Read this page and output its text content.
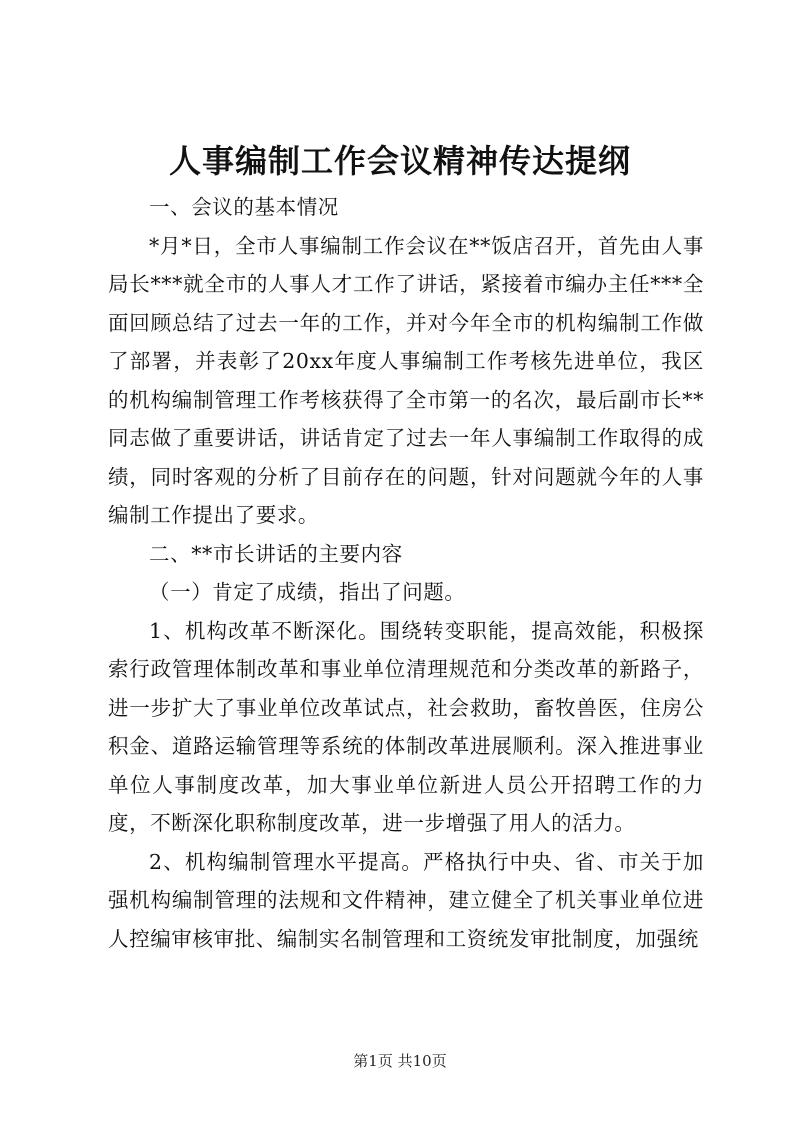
人事编制工作会议精神传达提纲

一、会议的基本情况

*月*日，全市人事编制工作会议在**饭店召开，首先由人事局长***就全市的人事人才工作了讲话，紧接着市编办主任***全面回顾总结了过去一年的工作，并对今年全市的机构编制工作做了部署，并表彰了20xx年度人事编制工作考核先进单位，我区的机构编制管理工作考核获得了全市第一的名次，最后副市长**同志做了重要讲话，讲话肯定了过去一年人事编制工作取得的成绩，同时客观的分析了目前存在的问题，针对问题就今年的人事编制工作提出了要求。

二、**市长讲话的主要内容

（一）肯定了成绩，指出了问题。

1、机构改革不断深化。围绕转变职能，提高效能，积极探索行政管理体制改革和事业单位清理规范和分类改革的新路子，进一步扩大了事业单位改革试点，社会救助，畜牧兽医，住房公积金、道路运输管理等系统的体制改革进展顺利。深入推进事业单位人事制度改革，加大事业单位新进人员公开招聘工作的力度，不断深化职称制度改革，进一步增强了用人的活力。

2、机构编制管理水平提高。严格执行中央、省、市关于加强机构编制管理的法规和文件精神，建立健全了机关事业单位进人控编审核审批、编制实名制管理和工资统发审批制度，加强统

第1页 共10页
